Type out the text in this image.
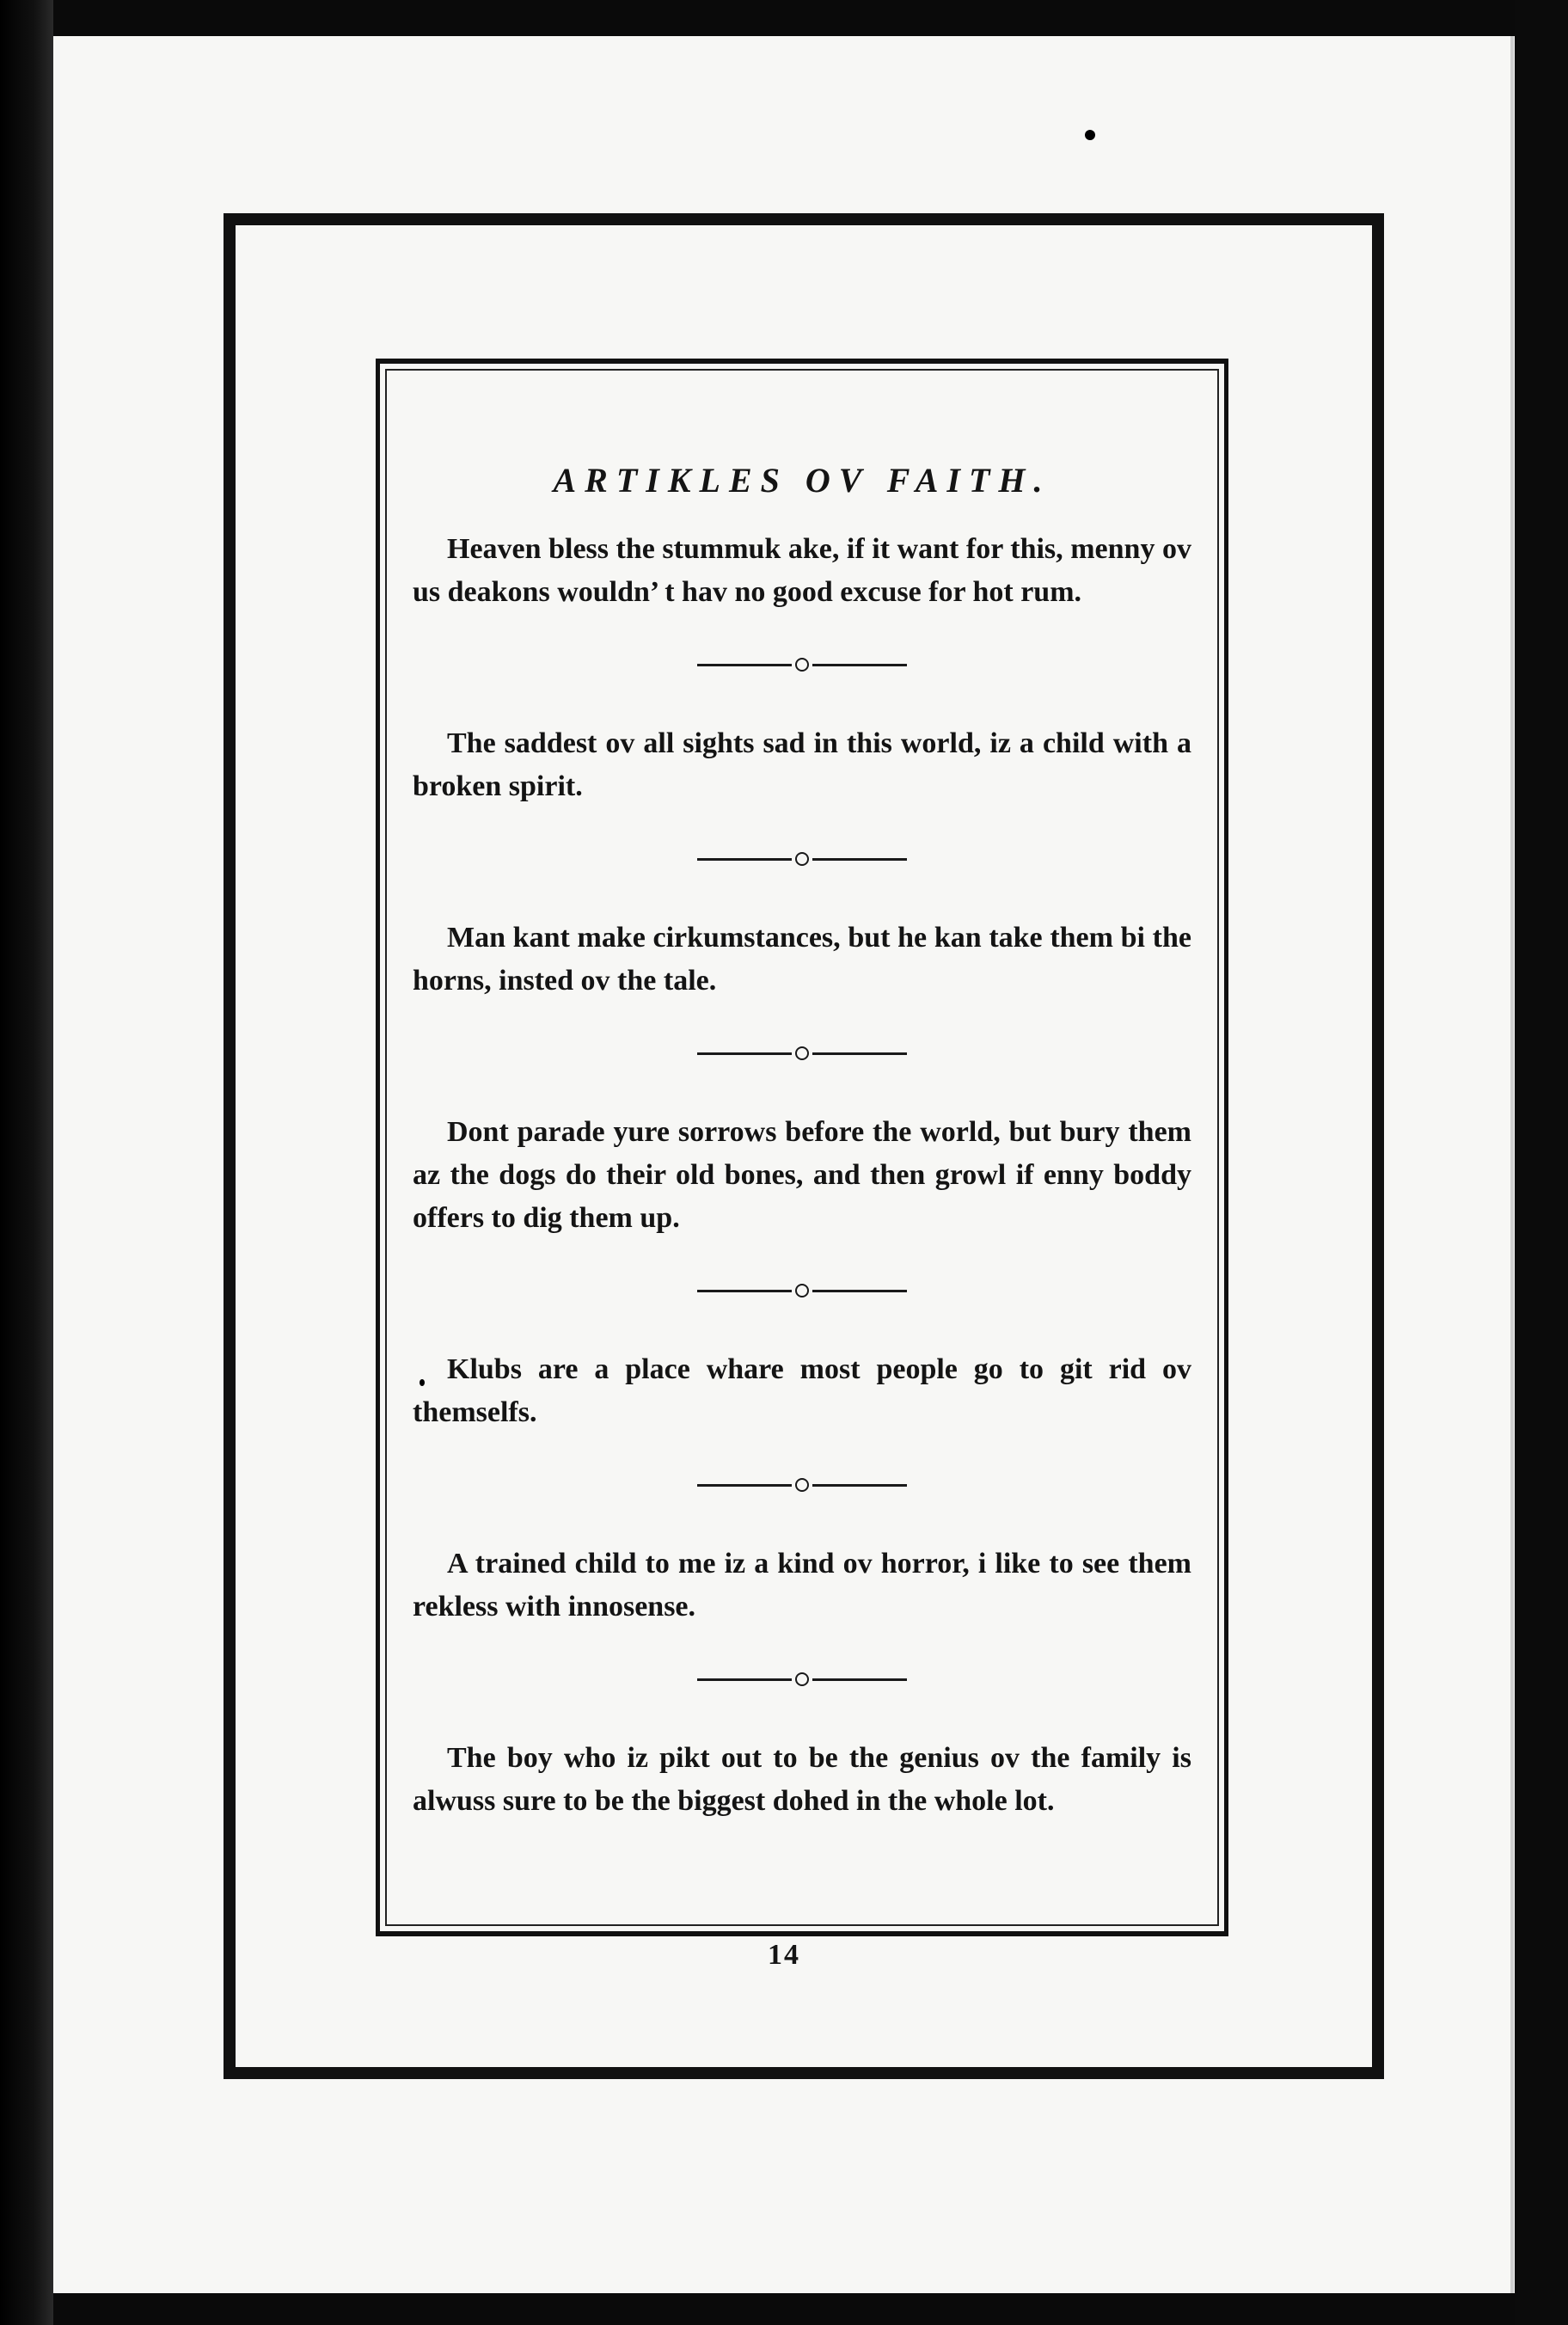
ARTIKLES OV FAITH.

Heaven bless the stummuk ake, if it want for this, menny ov us deakons wouldn’ t hav no good excuse for hot rum.

The saddest ov all sights sad in this world, iz a child with a broken spirit.

Man kant make cirkumstances, but he kan take them bi the horns, insted ov the tale.

Dont parade yure sorrows before the world, but bury them az the dogs do their old bones, and then growl if enny boddy offers to dig them up.

Klubs are a place whare most people go to git rid ov themselfs.

A trained child to me iz a kind ov horror, i like to see them rekless with innosense.

The boy who iz pikt out to be the genius ov the family is alwuss sure to be the biggest dohed in the whole lot.

14
